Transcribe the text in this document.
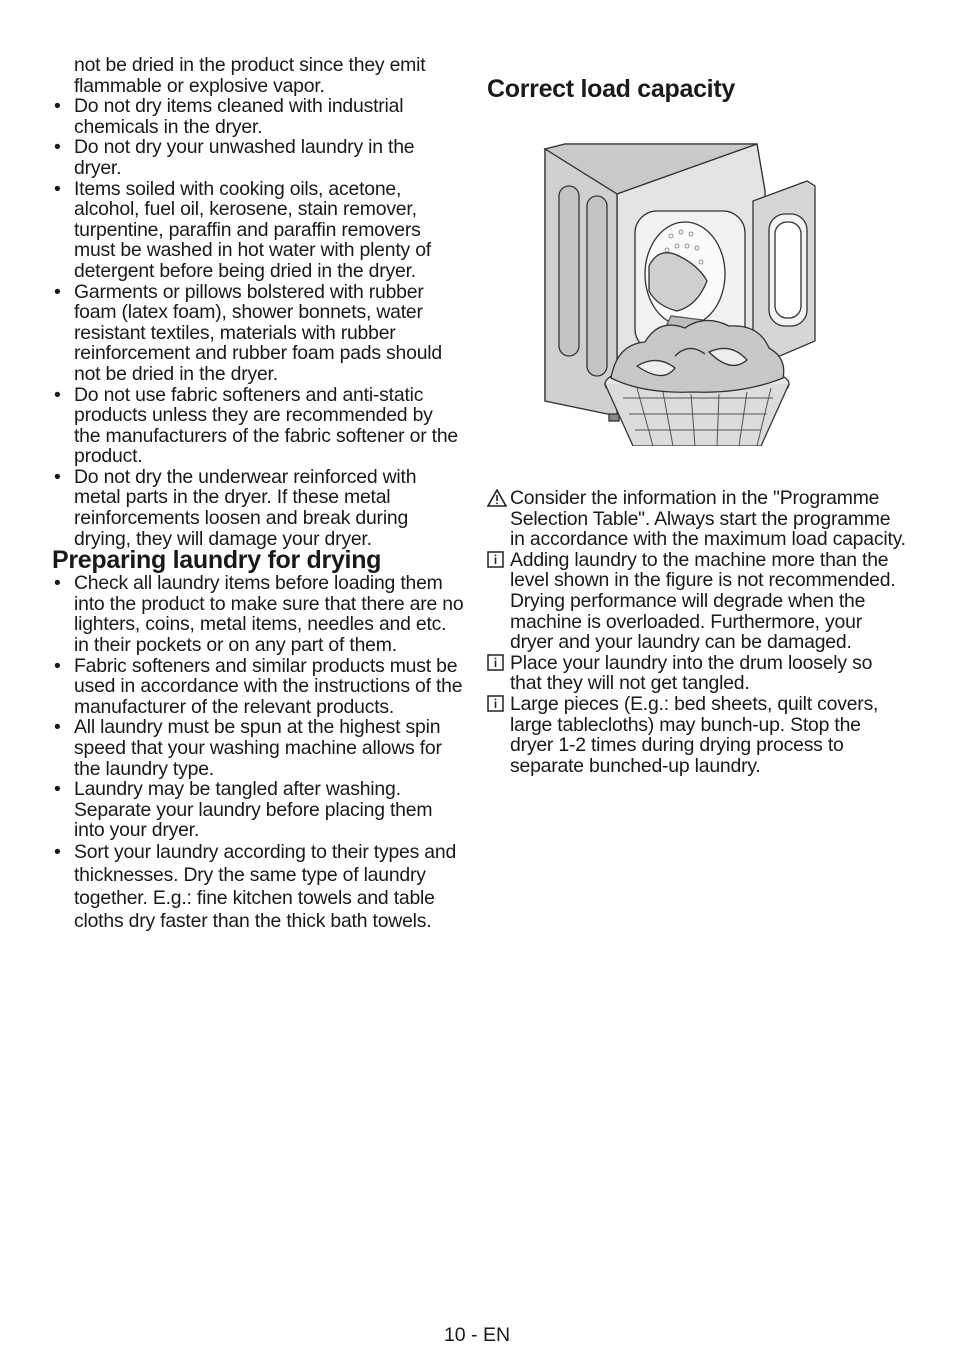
not be dried in the product since they emit flammable or explosive vapor.
• Do not dry items cleaned with industrial chemicals in the dryer.
• Do not dry your unwashed laundry in the dryer.
• Items soiled with cooking oils, acetone, alcohol, fuel oil, kerosene, stain remover, turpentine, paraffin and paraffin removers must be washed in hot water with plenty of detergent before being dried in the dryer.
• Garments or pillows bolstered with rubber foam (latex foam), shower bonnets, water resistant textiles, materials with rubber reinforcement and rubber foam pads should not be dried in the dryer.
• Do not use fabric softeners and anti-static products unless they are recommended by the manufacturers of the fabric softener or the product.
• Do not dry the underwear reinforced with metal parts in the dryer. If these metal reinforcements loosen and break during drying, they will damage your dryer.
Preparing laundry for drying
• Check all laundry items before loading them into the product to make sure that there are no lighters, coins, metal items, needles and etc. in their pockets or on any part of them.
• Fabric softeners and similar products must be used in accordance with the instructions of the manufacturer of the relevant products.
• All laundry must be spun at the highest spin speed that your washing machine allows for the laundry type.
• Laundry may be tangled after washing. Separate your laundry before placing them into your dryer.
• Sort your laundry according to their types and thicknesses. Dry the same type of laundry together. E.g.: fine kitchen towels and table cloths dry faster than the thick bath towels.
Correct load capacity
Consider the information in the "Programme Selection Table". Always start the programme in accordance with the maximum load capacity.
Adding laundry to the machine more than the level shown in the figure is not recommended. Drying performance will degrade when the machine is overloaded. Furthermore, your dryer and your laundry can be damaged.
Place your laundry into the drum loosely so that they will not get tangled.
Large pieces (E.g.: bed sheets, quilt covers, large tablecloths) may bunch-up. Stop the dryer 1-2 times during drying process to separate bunched-up laundry.
10 - EN
